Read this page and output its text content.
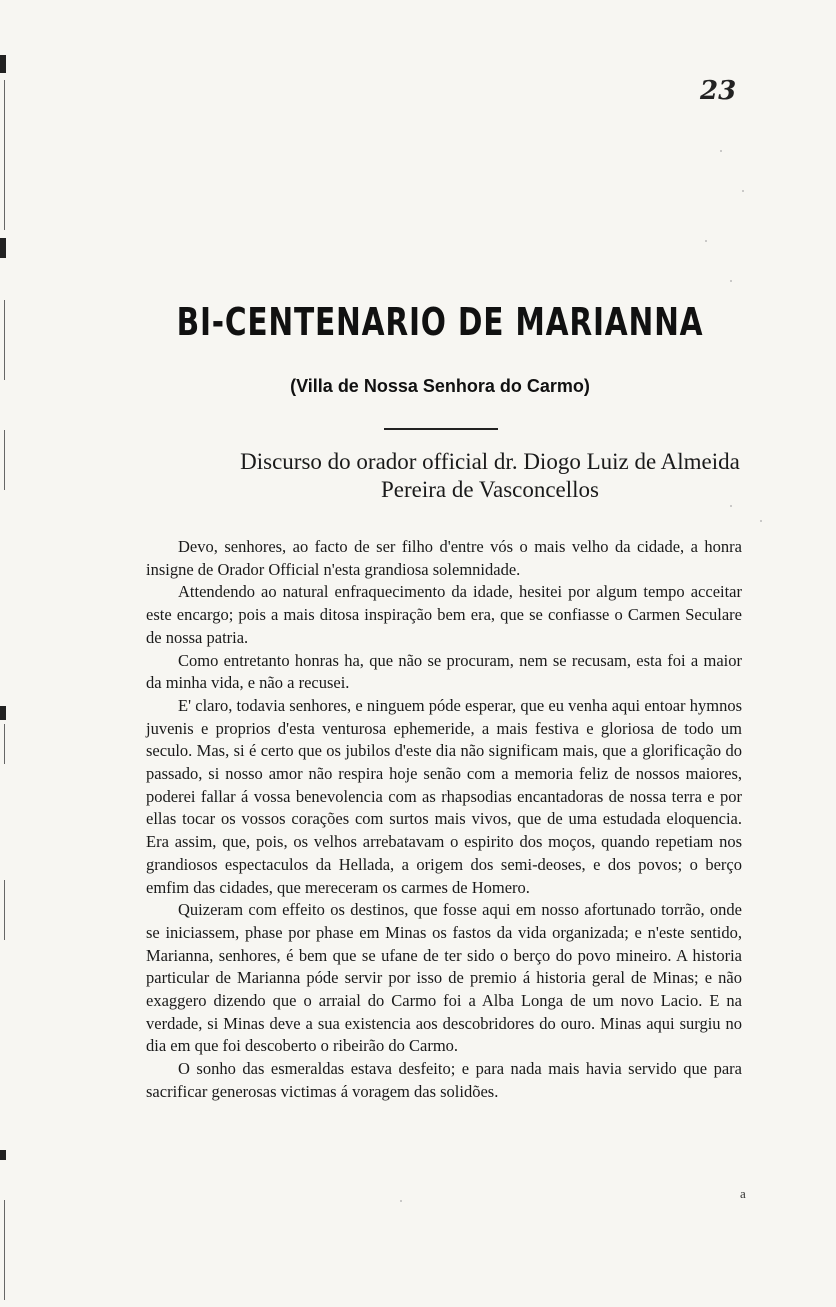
23
BI-CENTENARIO DE MARIANNA
(Villa de Nossa Senhora do Carmo)
Discurso do orador official dr. Diogo Luiz de Almeida
Pereira de Vasconcellos

Devo, senhores, ao facto de ser filho d'entre vós o mais velho da cidade, a honra insigne de Orador Official n'esta grandiosa solemnidade.

Attendendo ao natural enfraquecimento da idade, hesitei por algum tempo acceitar este encargo; pois a mais ditosa inspiração bem era, que se confiasse o Carmen Seculare de nossa patria.

Como entretanto honras ha, que não se procuram, nem se recusam, esta foi a maior da minha vida, e não a recusei.

E' claro, todavia senhores, e ninguem póde esperar, que eu venha aqui entoar hymnos juvenis e proprios d'esta venturosa ephemeride, a mais festiva e gloriosa de todo um seculo. Mas, si é certo que os jubilos d'este dia não significam mais, que a glorificação do passado, si nosso amor não respira hoje senão com a memoria feliz de nossos maiores, poderei fallar á vossa benevolencia com as rhapsodias encantadoras de nossa terra e por ellas tocar os vossos corações com surtos mais vivos, que de uma estudada eloquencia. Era assim, que, pois, os velhos arrebatavam o espirito dos moços, quando repetiam nos grandiosos espectaculos da Hellada, a origem dos semi-deoses, e dos povos; o berço emfim das cidades, que mereceram os carmes de Homero.

Quizeram com effeito os destinos, que fosse aqui em nosso afortunado torrão, onde se iniciassem, phase por phase em Minas os fastos da vida organizada; e n'este sentido, Marianna, senhores, é bem que se ufane de ter sido o berço do povo mineiro. A historia particular de Marianna póde servir por isso de premio á historia geral de Minas; e não exaggero dizendo que o arraial do Carmo foi a Alba Longa de um novo Lacio. E na verdade, si Minas deve a sua existencia aos descobridores do ouro. Minas aqui surgiu no dia em que foi descoberto o ribeirão do Carmo.

O sonho das esmeraldas estava desfeito; e para nada mais havia servido que para sacrificar generosas victimas á voragem das solidões.

a
